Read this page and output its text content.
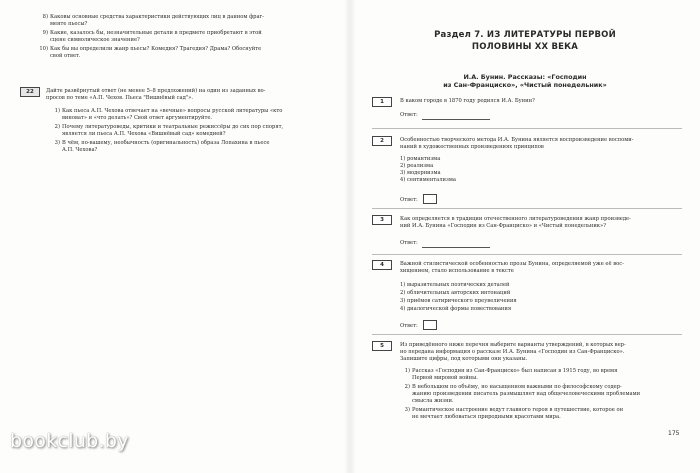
8) Каковы основные средства характеристики действующих лиц в данном фраг-
менте пьесы?
9) Какие, казалось бы, незначительные детали в предмете приобретают в этой
сцене символическое значение?
10) Как бы вы определили жанр пьесы? Комедия? Трагедия? Драма? Обоснуйте
свой ответ.
22	Дайте развёрнутый ответ (не менее 5–8 предложений) на один из заданных во-
просов по теме «А.П. Чехов. Пьеса "Вишнёвый сад"».
1) Как пьеса А.П. Чехова отвечает на «вечные» вопросы русской литературы «кто
виноват» и «что делать»? Свой ответ аргументируйте.
2) Почему литературоведы, критики и театральные режиссёры до сих пор спорят,
является ли пьеса А.П. Чехова «Вишнёвый сад» комедией?
3) В чём, по-вашему, необычность (оригинальность) образа Лопахина в пьесе
А.П. Чехова?
Раздел 7. ИЗ ЛИТЕРАТУРЫ ПЕРВОЙ
ПОЛОВИНЫ XX ВЕКА
И.А. Бунин. Рассказы: «Господин
из Сан-Франциско», «Чистый понедельник»
1	В каком городе в 1870 году родился И.А. Бунин?
Ответ:
2	Особенностью творческого метода И.А. Бунина является воспроизведение воспоми-
наний в художественных произведениях принципов
1) романтизма
2) реализма
3) модернизма
4) сентиментализма
Ответ:
3	Как определяется в традиции отечественного литературоведения жанр произведе-
ний И.А. Бунина «Господин из Сан-Франциско» и «Чистый понедельник»?
Ответ:
4	Важной стилистической особенностью прозы Бунина, определяемой уже её вос-
хищением, стало использование в тексте
1) выразительных поэтических деталей
2) обличительных авторских интонаций
3) приёмов сатирического преувеличения
4) диалогической формы повествования
Ответ:
5	Из приведённого ниже перечня выберите варианты утверждений, в которых вер-
но передана информация о рассказе И.А. Бунина «Господин из Сан-Франциско».
Запишите цифры, под которыми они указаны.
1) Рассказ «Господин из Сан-Франциско» был написан в 1915 году, во время
Первой мировой войны.
2) В небольшом по объёму, но насыщенном важными по философскому содер-
жанию произведении писатель размышляет над общечеловеческими проблемами
смысла жизни.
3) Романтическое настроение ведут главного героя в путешествие, которое он
не мечтает любоваться природными красотами мира.
175
bookclub.by
